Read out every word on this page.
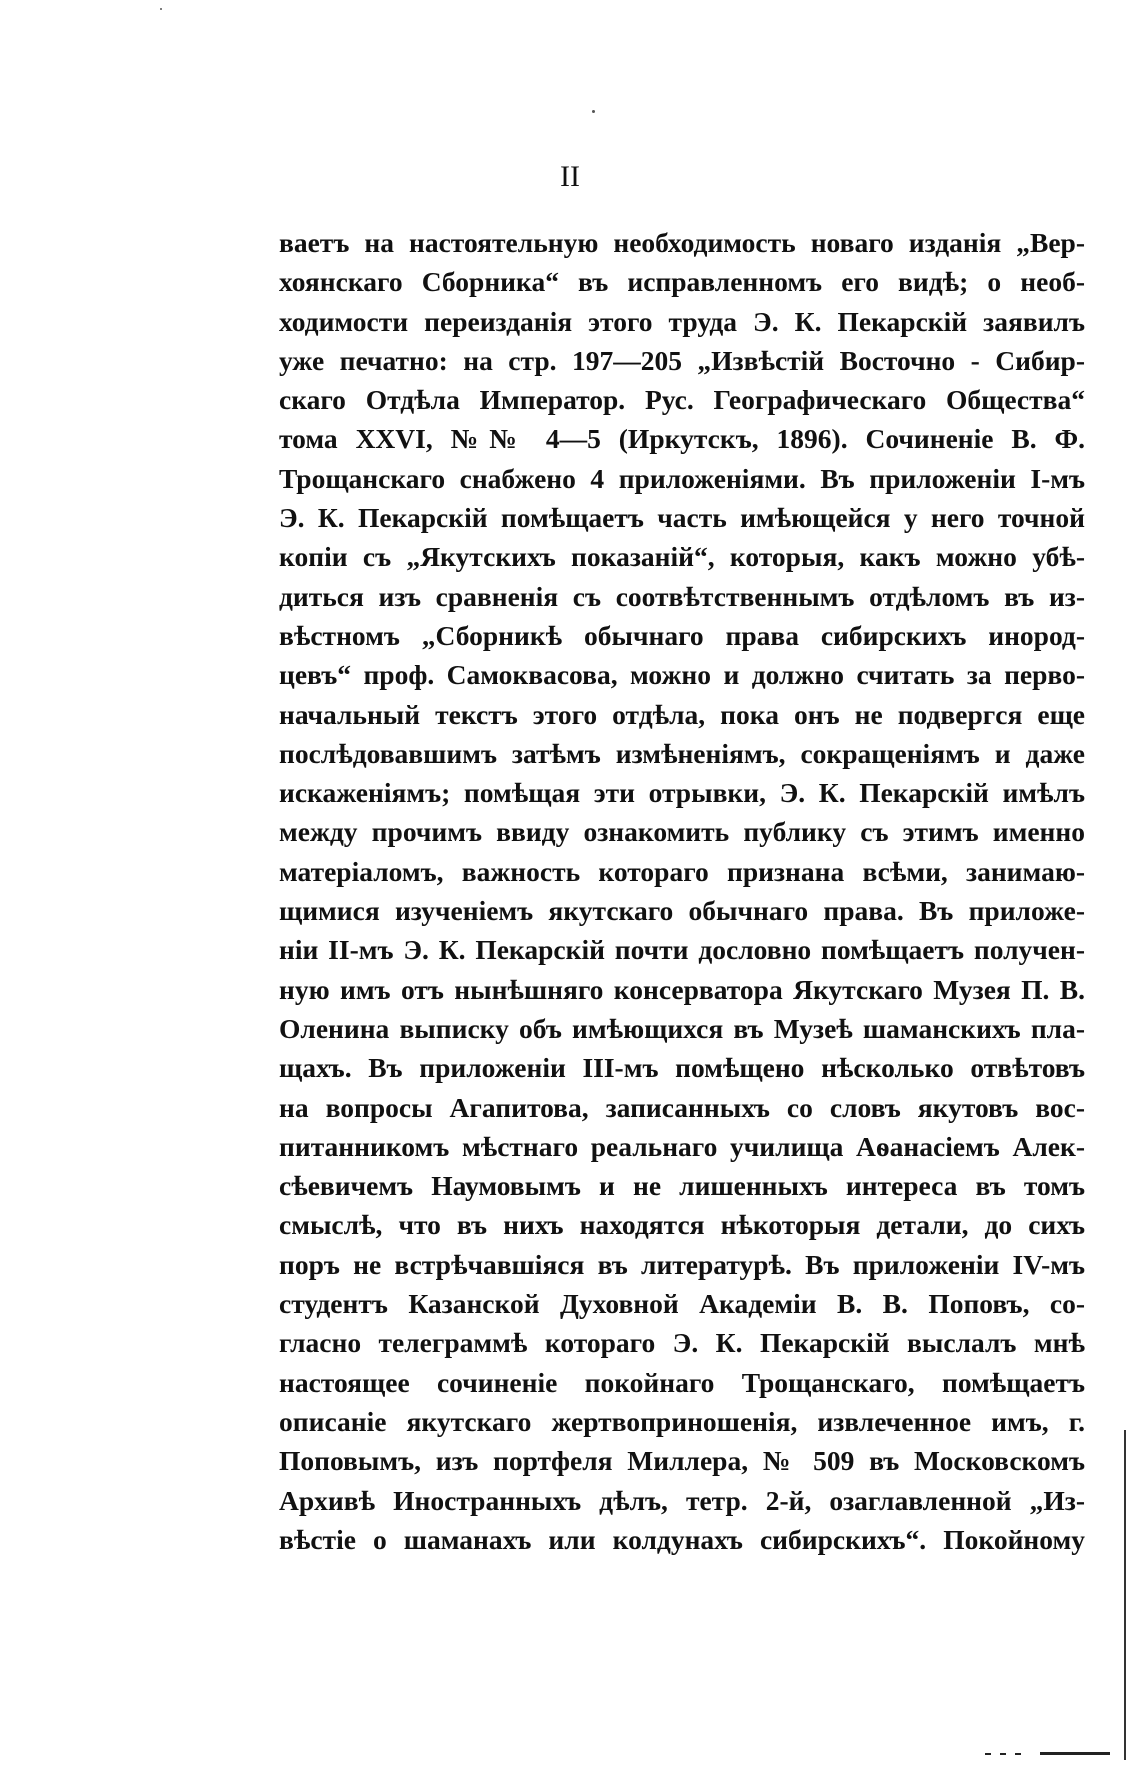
II
ваетъ на настоятельную необходимость новаго изданія „Вер-
хоянскаго Сборника“ въ исправленномъ его видѣ; о необ-
ходимости переизданія этого труда Э. К. Пекарскій заявилъ
уже печатно: на стр. 197—205 „Извѣстій Восточно - Сибир-
скаго Отдѣла Император. Рус. Географическаго Общества“
тома XXVI, №№ 4—5 (Иркутскъ, 1896). Сочиненіе В. Ф.
Трощанскаго снабжено 4 приложеніями. Въ приложеніи I-мъ
Э. К. Пекарскій помѣщаетъ часть имѣющейся у него точной
копіи съ „Якутскихъ показаній“, которыя, какъ можно убѣ-
диться изъ сравненія съ соотвѣтственнымъ отдѣломъ въ из-
вѣстномъ „Сборникѣ обычнаго права сибирскихъ инород-
цевъ“ проф. Самоквасова, можно и должно считать за перво-
начальный текстъ этого отдѣла, пока онъ не подвергся еще
послѣдовавшимъ затѣмъ измѣненіямъ, сокращеніямъ и даже
искаженіямъ; помѣщая эти отрывки, Э. К. Пекарскій имѣлъ
между прочимъ ввиду ознакомить публику съ этимъ именно
матеріаломъ, важность котораго признана всѣми, занимаю-
щимися изученіемъ якутскаго обычнаго права. Въ приложе-
ніи II-мъ Э. К. Пекарскій почти дословно помѣщаетъ получен-
ную имъ отъ нынѣшняго консерватора Якутскаго Музея П. В.
Оленина выписку объ имѣющихся въ Музеѣ шаманскихъ пла-
щахъ. Въ приложеніи III-мъ помѣщено нѣсколько отвѣтовъ
на вопросы Агапитова, записанныхъ со словъ якутовъ вос-
питанникомъ мѣстнаго реальнаго училища Аѳанасіемъ Алек-
сѣевичемъ Наумовымъ и не лишенныхъ интереса въ томъ
смыслѣ, что въ нихъ находятся нѣкоторыя детали, до сихъ
поръ не встрѣчавшіяся въ литературѣ. Въ приложеніи IV-мъ
студентъ Казанской Духовной Академіи В. В. Поповъ, со-
гласно телеграммѣ котораго Э. К. Пекарскій выслалъ мнѣ
настоящее сочиненіе покойнаго Трощанскаго, помѣщаетъ
описаніе якутскаго жертвоприношенія, извлеченное имъ, г.
Поповымъ, изъ портфеля Миллера, № 509 въ Московскомъ
Архивѣ Иностранныхъ дѣлъ, тетр. 2-й, озаглавленной „Из-
вѣстіе о шаманахъ или колдунахъ сибирскихъ“. Покойному
